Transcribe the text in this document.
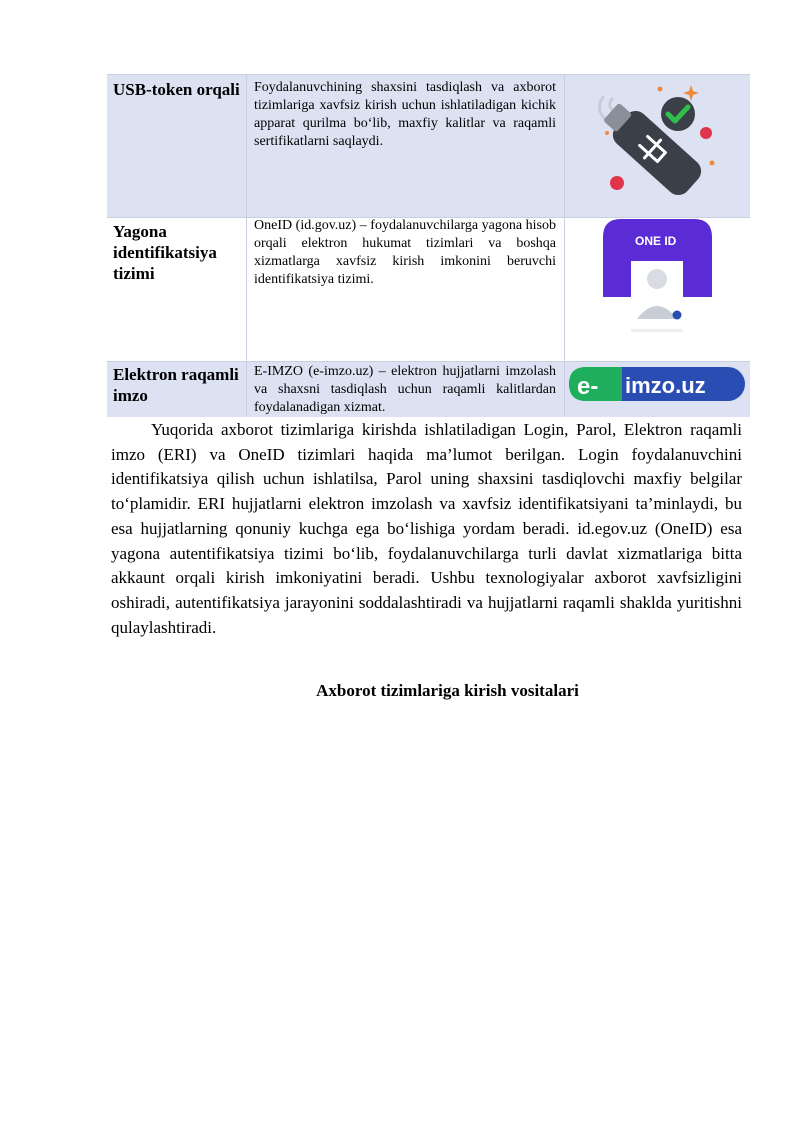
USB-token orqali Foydalanuvchining shaxsini tasdiqlash va axborot tizimlariga xavfsiz kirish uchun ishlatiladigan kichik apparat qurilma bo‘lib, maxfiy kalitlar va raqamli sertifikatlarni saqlaydi.
Yagona identifikatsiya tizimi
OneID (id.gov.uz) – foydalanuvchilarga yagona hisob orqali elektron hukumat tizimlari va boshqa xizmatlarga xavfsiz kirish imkonini beruvchi identifikatsiya tizimi.
ONE ID
Elektron raqamli imzo
E-IMZO (e-imzo.uz) – elektron hujjatlarni imzolash va shaxsni tasdiqlash uchun raqamli kalitlardan foydalanadigan xizmat.
e- imzo.uz

Yuqorida axborot tizimlariga kirishda ishlatiladigan Login, Parol, Elektron raqamli imzo (ERI) va OneID tizimlari haqida ma’lumot berilgan. Login foydalanuvchini identifikatsiya qilish uchun ishlatilsa, Parol uning shaxsini tasdiqlovchi maxfiy belgilar to‘plamidir. ERI hujjatlarni elektron imzolash va xavfsiz identifikatsiyani ta’minlaydi, bu esa hujjatlarning qonuniy kuchga ega bo‘lishiga yordam beradi. id.egov.uz (OneID) esa yagona autentifikatsiya tizimi bo‘lib, foydalanuvchilarga turli davlat xizmatlariga bitta akkaunt orqali kirish imkoniyatini beradi. Ushbu texnologiyalar axborot xavfsizligini oshiradi, autentifikatsiya jarayonini soddalashtiradi va hujjatlarni raqamli shaklda yuritishni qulaylashtiradi.

Axborot tizimlariga kirish vositalari
